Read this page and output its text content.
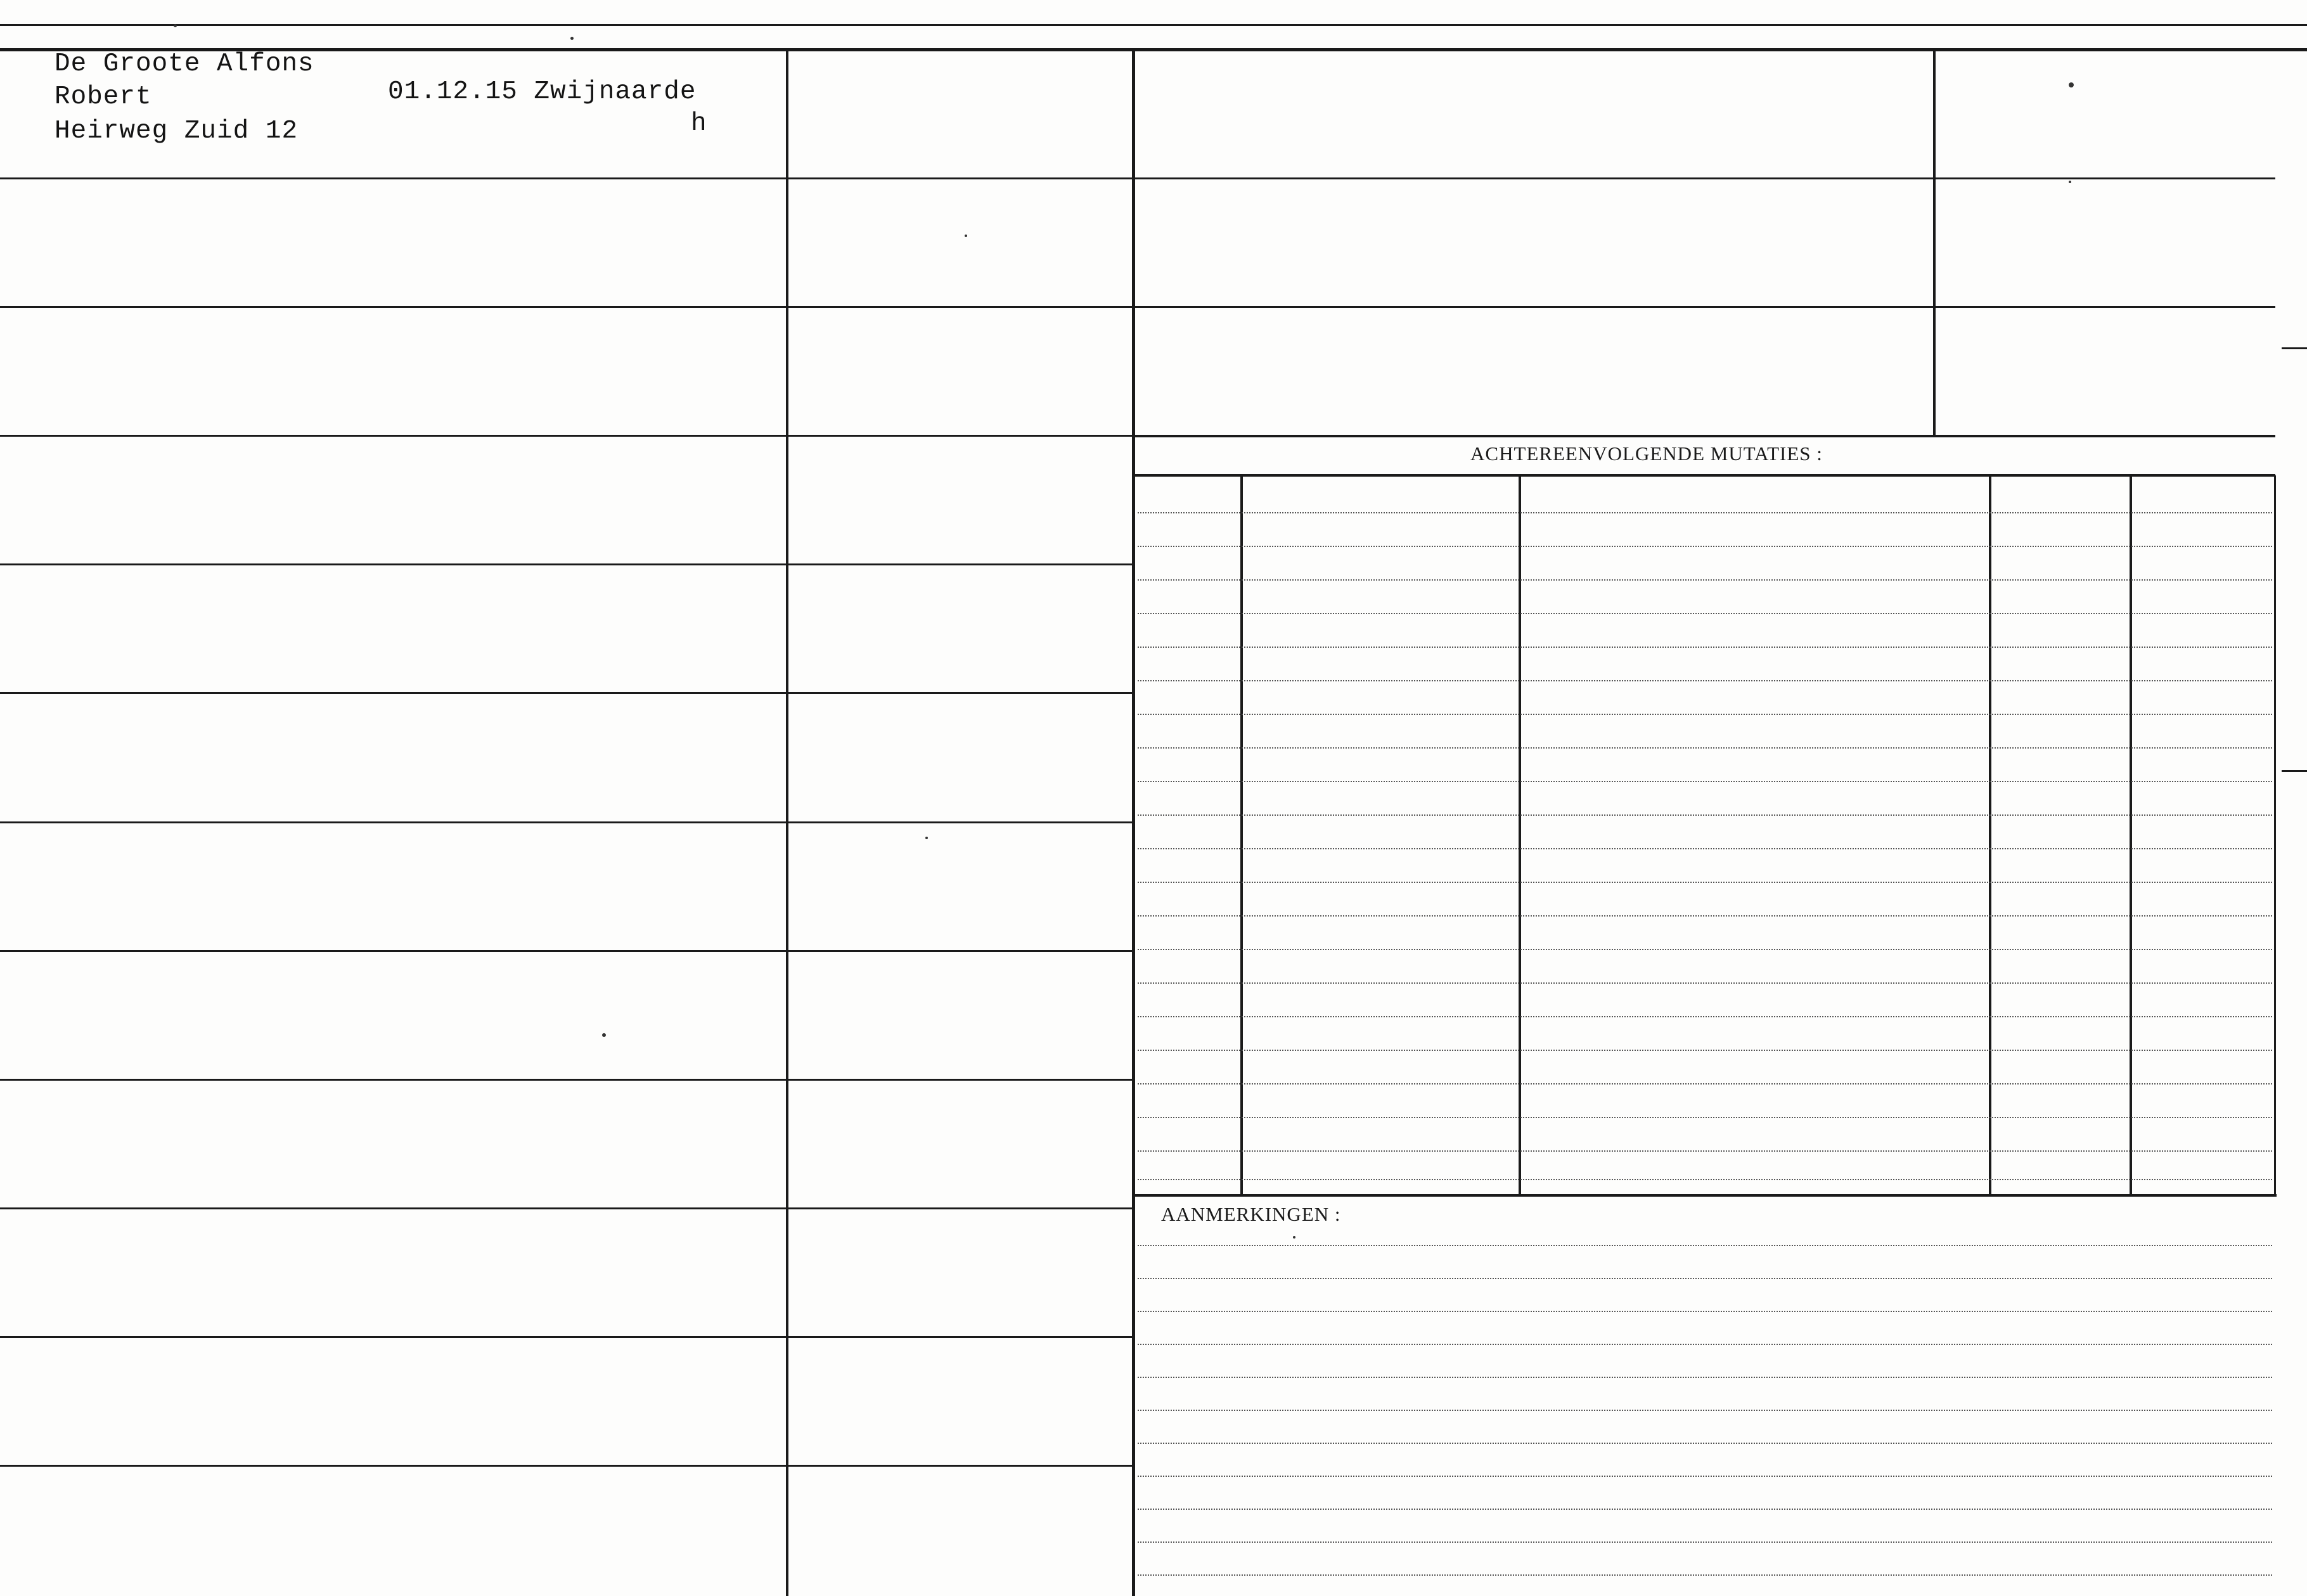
De Groote Alfons
Robert
Heirweg Zuid 12
01.12.15 Zwijnaarde
h
ACHTEREENVOLGENDE MUTATIES :
AANMERKINGEN :
